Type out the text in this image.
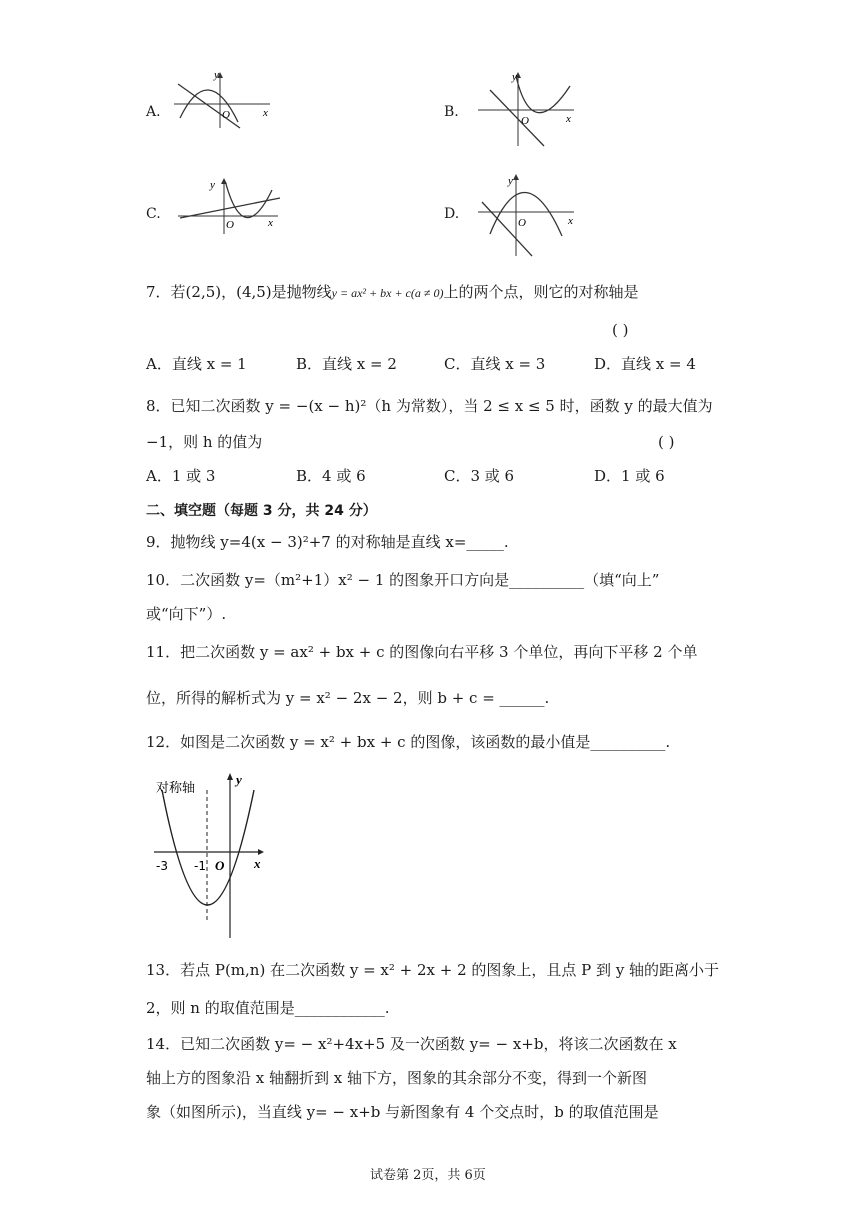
A.
y
x
O	B.
y
x
O
C.
y
x
O
D.
y
x
O
7．若(2,5)，(4,5)是抛物线y = ax² + bx + c(a ≠ 0)上的两个点，则它的对称轴是
( )
A．直线 x = 1	B．直线 x = 2	C．直线 x = 3	D．直线 x = 4
8．已知二次函数 y = −(x − h)²（h 为常数），当 2 ≤ x ≤ 5 时，函数 y 的最大值为
−1，则 h 的值为	( )
A．1 或 3	B．4 或 6	C．3 或 6	D．1 或 6
二、填空题（每题 3 分，共 24 分）
9．抛物线 y=4(x − 3)²+7 的对称轴是直线 x=_____.
10．二次函数 y=（m²+1）x² − 1 的图象开口方向是__________（填“向上”
或“向下”）.
11．把二次函数 y = ax² + bx + c 的图像向右平移 3 个单位，再向下平移 2 个单
位，所得的解析式为 y = x² − 2x − 2，则 b + c = ______.
12．如图是二次函数 y = x² + bx + c 的图像，该函数的最小值是__________.
对称轴
y
x
-3 -1 O
13．若点 P(m,n) 在二次函数 y = x² + 2x + 2 的图象上，且点 P 到 y 轴的距离小于
2，则 n 的取值范围是____________.
14．已知二次函数 y= − x²+4x+5 及一次函数 y= − x+b，将该二次函数在 x
轴上方的图象沿 x 轴翻折到 x 轴下方，图象的其余部分不变，得到一个新图
象（如图所示)，当直线 y= − x+b 与新图象有 4 个交点时，b 的取值范围是
试卷第 2页，共 6页
